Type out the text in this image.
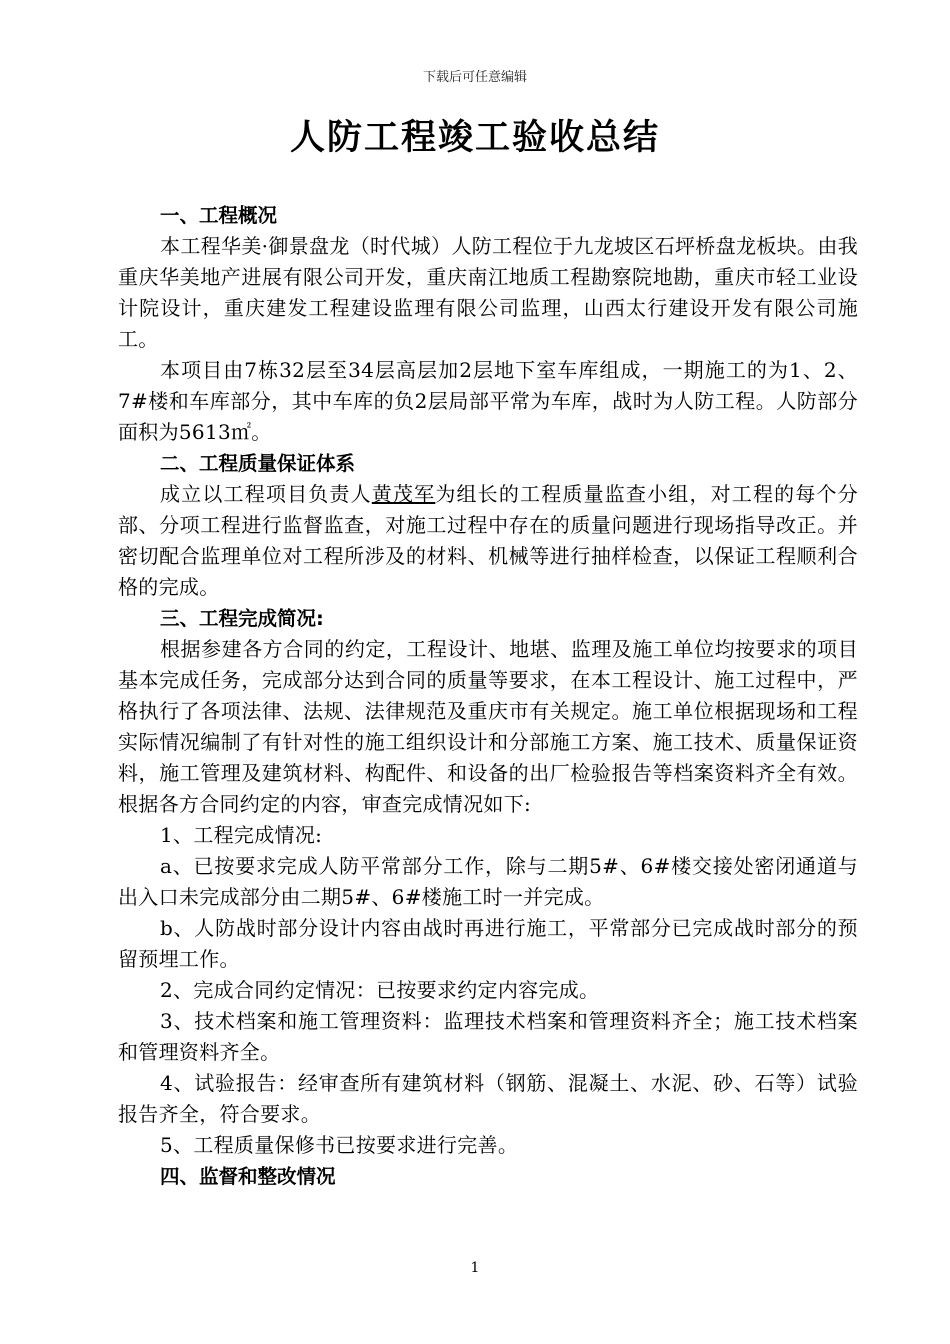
下载后可任意编辑
人防工程竣工验收总结
一、工程概况

本工程华美·御景盘龙（时代城）人防工程位于九龙坡区石坪桥盘龙板块。由我重庆华美地产进展有限公司开发，重庆南江地质工程勘察院地勘，重庆市轻工业设计院设计，重庆建发工程建设监理有限公司监理，山西太行建设开发有限公司施工。

本项目由7栋32层至34层高层加2层地下室车库组成，一期施工的为1、2、7#楼和车库部分，其中车库的负2层局部平常为车库，战时为人防工程。人防部分面积为5613㎡。

二、工程质量保证体系

成立以工程项目负责人黄茂军为组长的工程质量监查小组，对工程的每个分部、分项工程进行监督监查，对施工过程中存在的质量问题进行现场指导改正。并密切配合监理单位对工程所涉及的材料、机械等进行抽样检查，以保证工程顺利合格的完成。

三、工程完成简况:

根据参建各方合同的约定，工程设计、地堪、监理及施工单位均按要求的项目基本完成任务，完成部分达到合同的质量等要求，在本工程设计、施工过程中，严格执行了各项法律、法规、法律规范及重庆市有关规定。施工单位根据现场和工程实际情况编制了有针对性的施工组织设计和分部施工方案、施工技术、质量保证资料，施工管理及建筑材料、构配件、和设备的出厂检验报告等档案资料齐全有效。根据各方合同约定的内容，审查完成情况如下:

1、工程完成情况:

a、已按要求完成人防平常部分工作，除与二期5#、6#楼交接处密闭通道与出入口未完成部分由二期5#、6#楼施工时一并完成。

b、人防战时部分设计内容由战时再进行施工，平常部分已完成战时部分的预留预埋工作。

2、完成合同约定情况：已按要求约定内容完成。

3、技术档案和施工管理资料：监理技术档案和管理资料齐全；施工技术档案和管理资料齐全。

4、试验报告：经审查所有建筑材料（钢筋、混凝土、水泥、砂、石等）试验报告齐全，符合要求。

5、工程质量保修书已按要求进行完善。

四、监督和整改情况
1
